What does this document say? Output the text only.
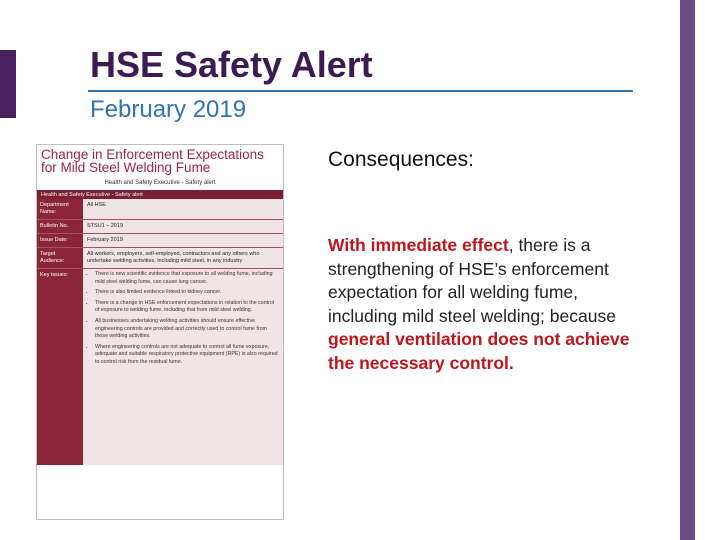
HSE Safety Alert
February 2019
Change in Enforcement Expectations for Mild Steel Welding Fume
Health and Safety Executive - Safety alert
Health and Safety Executive - Safety alert
Department Name:
All HSE
Bulletin No.	STSU1 – 2019
Issue Date:	February 2019
Target Audience:
All workers, employers, self-employed, contractors and any others who undertake welding activities, including mild steel, in any industry
Key issues:
•	There is new scientific evidence that exposure to all welding fume, including mild steel welding fume, can cause lung cancer.
• There is also limited evidence linked to kidney cancer.
• There is a change in HSE enforcement expectations in relation to the control of exposure to welding fume, including that from mild steel welding.
• All businesses undertaking welding activities should ensure effective engineering controls are provided and correctly used to control fume from those welding activities.
• Where engineering controls are not adequate to control all fume exposure, adequate and suitable respiratory protective equipment (RPE) is also required to control risk from the residual fume.
Consequences:
With immediate effect, there is a strengthening of HSE’s enforcement expectation for all welding fume, including mild steel welding; because general ventilation does not achieve the necessary control.
